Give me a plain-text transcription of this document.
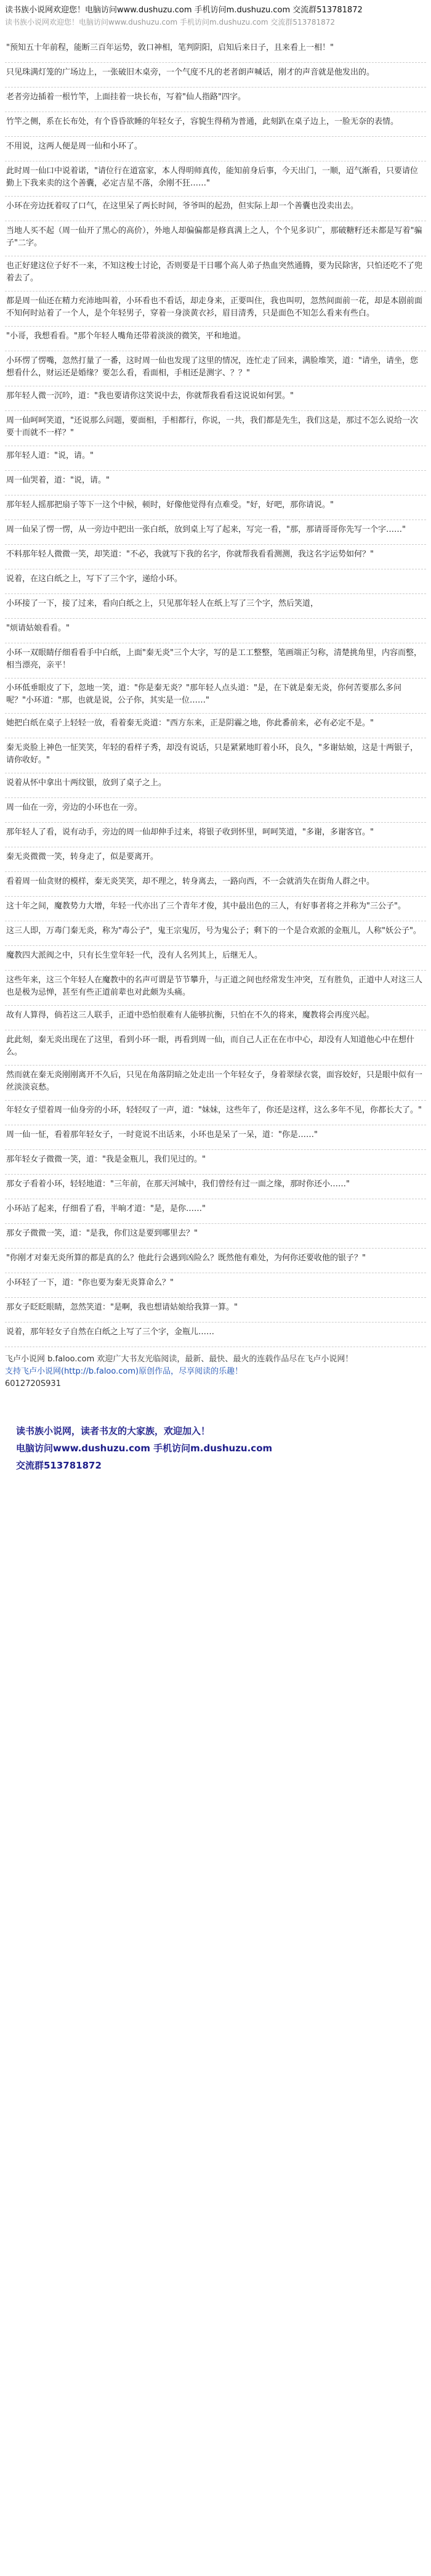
读书族小说网欢迎您！电脑访问www.dushuzu.com 手机访问m.dushuzu.com 交流群513781872
读书族小说网欢迎您！电脑访问www.dushuzu.com 手机访问m.dushuzu.com 交流群513781872
"预知五十年前程，能断三百年运势，敦口神相，笔判阴阳，启知后来日子，且来看上一相！"
只见珠满灯笼的广场边上，一张破旧木桌旁，一个气度不凡的老者朗声喊话，刚才的声音就是他发出的。
老者旁边插着一根竹竿，上面挂着一块长布，写着"仙人指路"四字。
竹竿之侧，系在长布处，有个昏昏欲睡的年轻女子，容貌生得稍为普通，此刻趴在桌子边上，一脸无奈的表情。
不用说，这两人便是周一仙和小环了。
此时周一仙口中说着诺，"请位行在道富家，本人得明师真传，能知前身后事，今天出门，一顺，迢气渐看，只要请位勤上下我来卖的这个善囊，必定吉星不落，余刚不狂……"
小环在旁边抚着叹了口气，在这里呆了两长时间，爷爷叫的起劲，但实际上却一个善囊也没卖出去。
当地人买不起（周一仙开了黑心的高价），外地人却偏偏都是修真满上之人，个个见多识广，那破糖籽还未都是写着"骗子"二字。
也正好建这位子好不一来，不知这梭士讨论，否则要是干日哪个高人弟子热血突然通腾，要为民除害，只怕还吃不了兜着去了。
都是周一仙还在精力充沛地叫着，小环看也不看话，却走身来，正要叫住，我也叫叨，忽然间面前一花，却是本剧前面不知何时站着了一个人，是个年轻男子，穿着一身淡黄衣衫，眉目清秀，只是面色不知怎么看来有些白。
"小哥，我想看看。"那个年轻人嘴角还带着淡淡的微笑，平和地道。
小环愣了愣嘴，忽然打量了一番，这时周一仙也发现了这里的情况，连忙走了回来，满脸堆笑，道："请坐，请坐，您想看什么，财运还是婚缘？要怎么看，看面相，手相还是测字、？？"
那年轻人微一沉吟，道："我也要请你这笑说中去，你就帮我看看这说说如何罢。"
周一仙呵呵笑道，"还说那么问题，要面相，手相都行，你说，一共，我们都是先生，我们这是，那过不怎么说给一次要十而就不一样？"
那年轻人道："说，请。"
周一仙哭着，道："说，请。"
那年轻人摇那把扇子等下一这个中候，顿时，好像他觉得有点难受。"好，好吧，那你请说。"
周一仙呆了愣一愣，从一旁边中把出一张白纸，放到桌上写了起来，写完一看，"那，那请哥哥你先写一个字……"
不料那年轻人微微一笑，却笑道："不必，我就写下我的名字，你就帮我看看测测，我这名字运势如何？"
说着，在这白纸之上，写下了三个字，递给小环。
小环接了一下，接了过来，看向白纸之上，只见那年轻人在纸上写了三个字，然后笑道，
"烦请姑娘看看。"
小环一双眼睛仔细看看手中白纸，上面"秦无炎"三个大字，写的是工工整整，笔画端正匀称，清楚挑角里，内容而整，相当漂亮，亲平！
小环低垂眼皮了下，忽地一笑，道："你是秦无炎？"那年轻人点头道："是，在下就是秦无炎，你何苦要那么多问呢？"小环道："那，也就是说，公子你，其实是一位……"
她把白纸在桌子上轻轻一放，看着秦无炎道："西方东来，正是阴霾之地，你此番前来，必有必定不是。"
秦无炎脸上神色一怔笑笑，年轻的看样子秀，却没有说话，只是紧紧地盯着小环，良久，"多谢姑娘，这是十两银子，请你收好。"
说着从怀中拿出十两纹银，放到了桌子之上。
周一仙在一旁，旁边的小环也在一旁。
那年轻人了看，说有动手，旁边的周一仙却伸手过来，将银子收到怀里，呵呵笑道，"多谢，多谢客官。"
秦无炎微微一笑，转身走了，似是要离开。
看着周一仙贪财的模样，秦无炎笑笑，却不理之，转身离去，一路向西，不一会就消失在街角人群之中。
这十年之间，魔教势力大增，年轻一代亦出了三个青年才俊，其中最出色的三人，有好事者将之并称为"三公子"。
这三人即，万毒门秦无炎，称为"毒公子"，鬼王宗鬼厉，号为鬼公子；剩下的一个是合欢派的金瓶儿，人称"妖公子"。
魔教四大派阀之中，只有长生堂年轻一代，没有人名列其上，后继无人。
这些年来，这三个年轻人在魔教中的名声可谓是节节攀升，与正道之间也经常发生冲突，互有胜负，正道中人对这三人也是极为忌惮，甚至有些正道前辈也对此颇为头痛。
故有人算得，倘若这三人联手，正道中恐怕很难有人能够抗衡，只怕在不久的将来，魔教将会再度兴起。
此此刻，秦无炎出现在了这里，看到小环一眼，再看到周一仙，而自己人正在在市中心，却没有人知道他心中在想什么。
然而就在秦无炎刚刚离开不久后，只见在角落阴暗之处走出一个年轻女子，身着翠绿衣裳，面容姣好，只是眼中似有一丝淡淡哀愁。
年轻女子望着周一仙身旁的小环，轻轻叹了一声，道："妹妹，这些年了，你还是这样，这么多年不见，你都长大了。"
周一仙一怔，看着那年轻女子，一时竟说不出话来，小环也是呆了一呆，道："你是……"
那年轻女子微微一笑，道："我是金瓶儿，我们见过的。"
那女子看着小环，轻轻地道："三年前，在那天河城中，我们曾经有过一面之缘，那时你还小……"
小环站了起来，仔细看了看，半晌才道："是，是你……"
那女子微微一笑，道："是我，你们这是要到哪里去？"
"你刚才对秦无炎所算的都是真的么？他此行会遇到凶险么？既然他有难处，为何你还要收他的银子？"
小环轻了一下，道："你也要为秦无炎算命么？"
那女子眨眨眼睛，忽然笑道："是啊，我也想请姑娘给我算一算。"
说着，那年轻女子自然在白纸之上写了三个字，金瓶儿……
飞卢小说网 b.faloo.com 欢迎广大书友光临阅读，最新、最快、最火的连载作品尽在飞卢小说网！
支持飞卢小说网(http://b.faloo.com)原创作品，尽享阅读的乐趣！
6012720S931
读书族小说网，读者书友的大家族，欢迎加入！
电脑访问www.dushuzu.com 手机访问m.dushuzu.com
交流群513781872
